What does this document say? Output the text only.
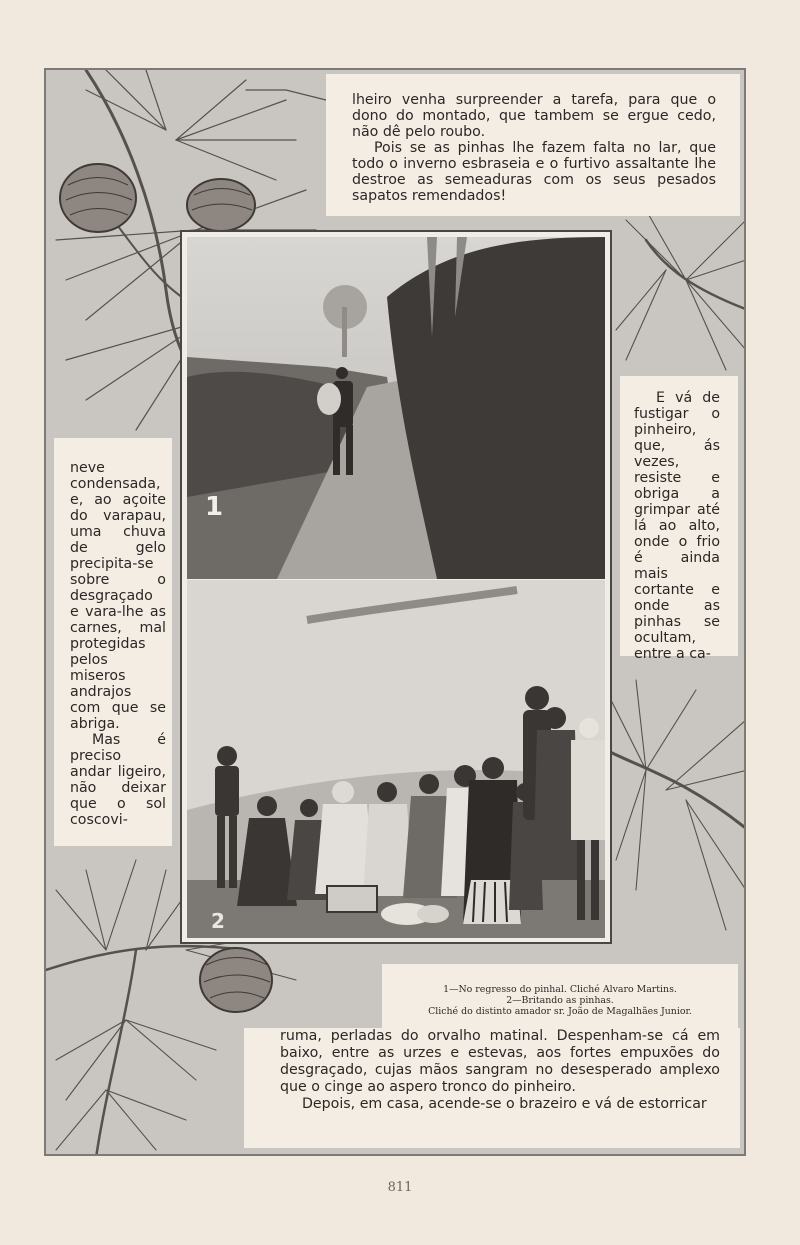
lheiro venha surpreender a tarefa, para que o dono do montado, que tambem se ergue cedo, não dê pelo roubo.

Pois se as pinhas lhe fazem falta no lar, que todo o inverno esbraseia e o furtivo assaltante lhe destroe as semeaduras com os seus pesados sapatos remendados!

neve condensada, e, ao açoite do varapau, uma chuva de gelo precipita-se sobre o desgraçado e vara-lhe as carnes, mal protegidas pelos miseros andrajos com que se abriga.

Mas é preciso andar ligeiro, não deixar que o sol coscovi-

E vá de fustigar o pinheiro, que, ás vezes, resiste e obriga a grimpar até lá ao alto, onde o frio é ainda mais cortante e onde as pinhas se ocultam, entre a ca-

1
2
1—No regresso do pinhal. Cliché Alvaro Martins.
2—Britando as pinhas.
Cliché do distinto amador sr. João de Magalhães Junior.

ruma, perladas do orvalho matinal. Despenham-se cá em baixo, entre as urzes e estevas, aos fortes empuxões do desgraçado, cujas mãos sangram no desesperado amplexo que o cinge ao aspero tronco do pinheiro.

Depois, em casa, acende-se o brazeiro e vá de estorricar

811
